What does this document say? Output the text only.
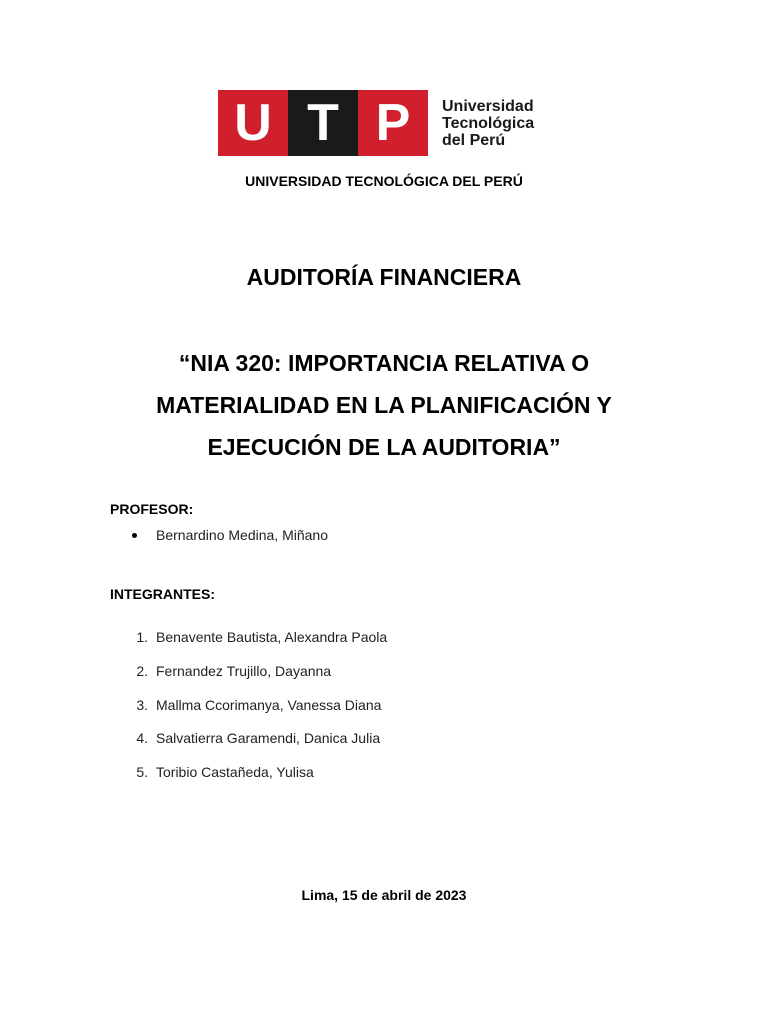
U T P	Universidad
Tecnológica
del Perú
UNIVERSIDAD TECNOLÓGICA DEL PERÚ
AUDITORÍA FINANCIERA
“NIA 320: IMPORTANCIA RELATIVA O
MATERIALIDAD EN LA PLANIFICACIÓN Y
EJECUCIÓN DE LA AUDITORIA”
PROFESOR:
Bernardino Medina, Miñano
INTEGRANTES:
1. Benavente Bautista, Alexandra Paola
2. Fernandez Trujillo, Dayanna
3. Mallma Ccorimanya, Vanessa Diana
4. Salvatierra Garamendi, Danica Julia
5. Toribio Castañeda, Yulisa
Lima, 15 de abril de 2023
